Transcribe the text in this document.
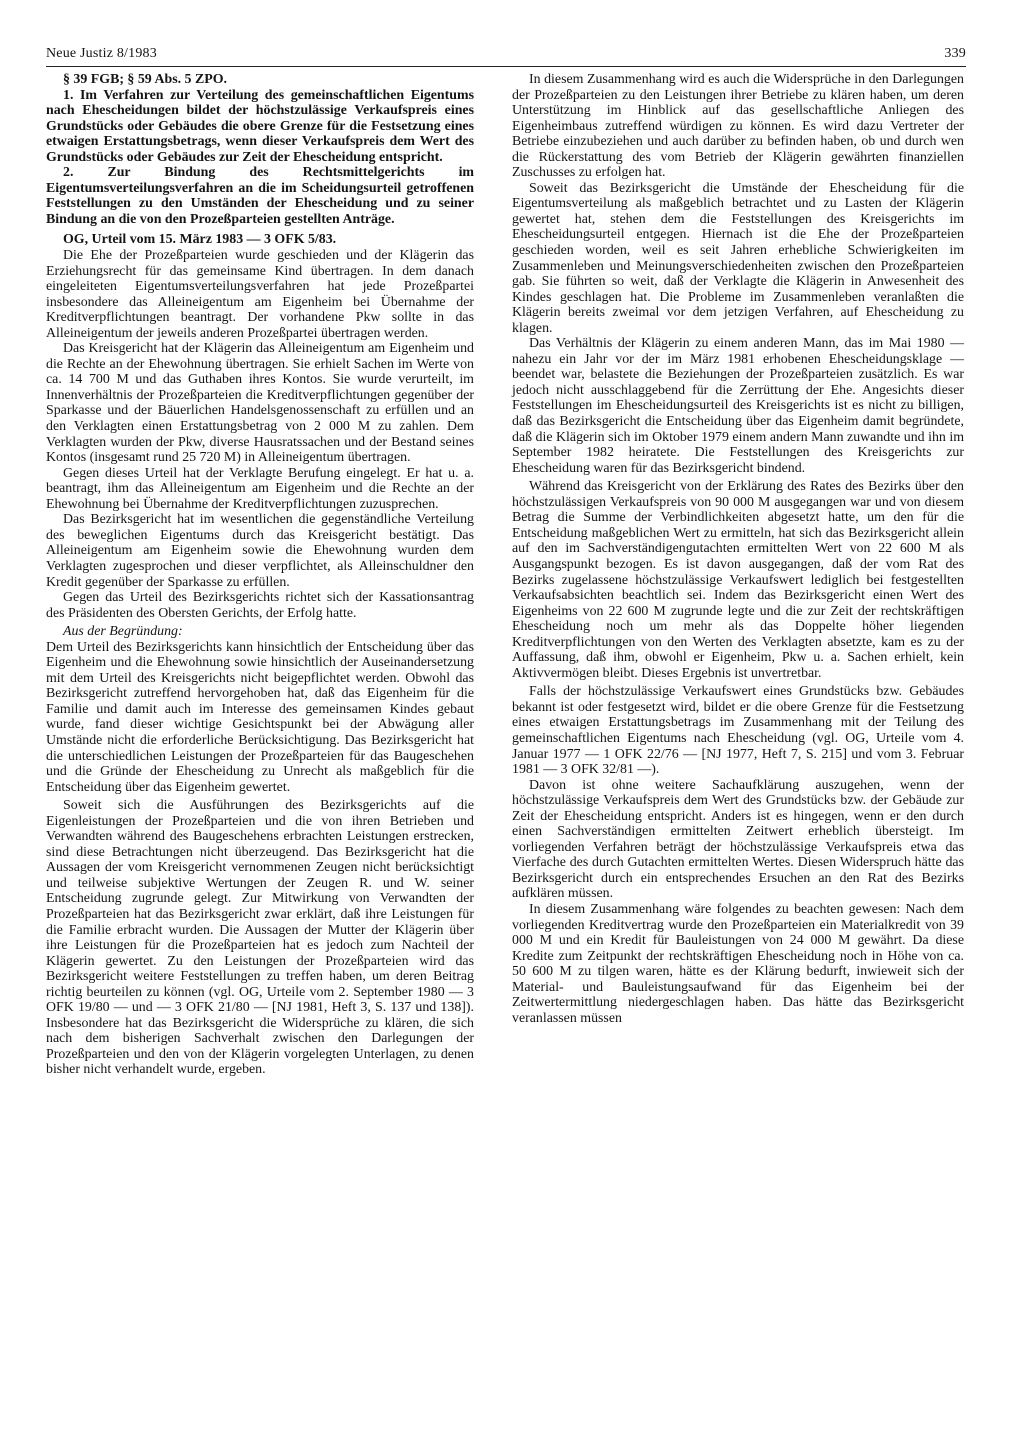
Neue Justiz 8/1983	339

§ 39 FGB; § 59 Abs. 5 ZPO.

1. Im Verfahren zur Verteilung des gemeinschaftlichen Eigentums nach Ehescheidungen bildet der höchstzulässige Verkaufspreis eines Grundstücks oder Gebäudes die obere Grenze für die Festsetzung eines etwaigen Erstattungsbetrags, wenn dieser Verkaufspreis dem Wert des Grundstücks oder Gebäudes zur Zeit der Ehescheidung entspricht.

2. Zur Bindung des Rechtsmittelgerichts im Eigentumsverteilungsverfahren an die im Scheidungsurteil getroffenen Feststellungen zu den Umständen der Ehescheidung und zu seiner Bindung an die von den Prozeßparteien gestellten Anträge.

OG, Urteil vom 15. März 1983 — 3 OFK 5/83.

Die Ehe der Prozeßparteien wurde geschieden und der Klägerin das Erziehungsrecht für das gemeinsame Kind übertragen. In dem danach eingeleiteten Eigentumsverteilungsverfahren hat jede Prozeßpartei insbesondere das Alleineigentum am Eigenheim bei Übernahme der Kreditverpflichtungen beantragt. Der vorhandene Pkw sollte in das Alleineigentum der jeweils anderen Prozeßpartei übertragen werden.

Das Kreisgericht hat der Klägerin das Alleineigentum am Eigenheim und die Rechte an der Ehewohnung übertragen. Sie erhielt Sachen im Werte von ca. 14 700 M und das Guthaben ihres Kontos. Sie wurde verurteilt, im Innenverhältnis der Prozeßparteien die Kreditverpflichtungen gegenüber der Sparkasse und der Bäuerlichen Handelsgenossenschaft zu erfüllen und an den Verklagten einen Erstattungsbetrag von 2 000 M zu zahlen. Dem Verklagten wurden der Pkw, diverse Hausratssachen und der Bestand seines Kontos (insgesamt rund 25 720 M) in Alleineigentum übertragen.

Gegen dieses Urteil hat der Verklagte Berufung eingelegt. Er hat u. a. beantragt, ihm das Alleineigentum am Eigenheim und die Rechte an der Ehewohnung bei Übernahme der Kreditverpflichtungen zuzusprechen.

Das Bezirksgericht hat im wesentlichen die gegenständliche Verteilung des beweglichen Eigentums durch das Kreisgericht bestätigt. Das Alleineigentum am Eigenheim sowie die Ehewohnung wurden dem Verklagten zugesprochen und dieser verpflichtet, als Alleinschuldner den Kredit gegenüber der Sparkasse zu erfüllen.

Gegen das Urteil des Bezirksgerichts richtet sich der Kassationsantrag des Präsidenten des Obersten Gerichts, der Erfolg hatte.

Aus der Begründung:

Dem Urteil des Bezirksgerichts kann hinsichtlich der Entscheidung über das Eigenheim und die Ehewohnung sowie hinsichtlich der Auseinandersetzung mit dem Urteil des Kreisgerichts nicht beigepflichtet werden. Obwohl das Bezirksgericht zutreffend hervorgehoben hat, daß das Eigenheim für die Familie und damit auch im Interesse des gemeinsamen Kindes gebaut wurde, fand dieser wichtige Gesichtspunkt bei der Abwägung aller Umstände nicht die erforderliche Berücksichtigung. Das Bezirksgericht hat die unterschiedlichen Leistungen der Prozeßparteien für das Baugeschehen und die Gründe der Ehescheidung zu Unrecht als maßgeblich für die Entscheidung über das Eigenheim gewertet.

Soweit sich die Ausführungen des Bezirksgerichts auf die Eigenleistungen der Prozeßparteien und die von ihren Betrieben und Verwandten während des Baugeschehens erbrachten Leistungen erstrecken, sind diese Betrachtungen nicht überzeugend. Das Bezirksgericht hat die Aussagen der vom Kreisgericht vernommenen Zeugen nicht berücksichtigt und teilweise subjektive Wertungen der Zeugen R. und W. seiner Entscheidung zugrunde gelegt. Zur Mitwirkung von Verwandten der Prozeßparteien hat das Bezirksgericht zwar erklärt, daß ihre Leistungen für die Familie erbracht wurden. Die Aussagen der Mutter der Klägerin über ihre Leistungen für die Prozeßparteien hat es jedoch zum Nachteil der Klägerin gewertet. Zu den Leistungen der Prozeßparteien wird das Bezirksgericht weitere Feststellungen zu treffen haben, um deren Beitrag richtig beurteilen zu können (vgl. OG, Urteile vom 2. September 1980 — 3 OFK 19/80 — und — 3 OFK 21/80 — [NJ 1981, Heft 3, S. 137 und 138]). Insbesondere hat das Bezirksgericht die Widersprüche zu klären, die sich nach dem bisherigen Sachverhalt zwischen den Darlegungen der Prozeßparteien und den von der Klägerin vorgelegten Unterlagen, zu denen bisher nicht verhandelt wurde, ergeben.

In diesem Zusammenhang wird es auch die Widersprüche in den Darlegungen der Prozeßparteien zu den Leistungen ihrer Betriebe zu klären haben, um deren Unterstützung im Hinblick auf das gesellschaftliche Anliegen des Eigenheimbaus zutreffend würdigen zu können. Es wird dazu Vertreter der Betriebe einzubeziehen und auch darüber zu befinden haben, ob und durch wen die Rückerstattung des vom Betrieb der Klägerin gewährten finanziellen Zuschusses zu erfolgen hat.

Soweit das Bezirksgericht die Umstände der Ehescheidung für die Eigentumsverteilung als maßgeblich betrachtet und zu Lasten der Klägerin gewertet hat, stehen dem die Feststellungen des Kreisgerichts im Ehescheidungsurteil entgegen. Hiernach ist die Ehe der Prozeßparteien geschieden worden, weil es seit Jahren erhebliche Schwierigkeiten im Zusammenleben und Meinungsverschiedenheiten zwischen den Prozeßparteien gab. Sie führten so weit, daß der Verklagte die Klägerin in Anwesenheit des Kindes geschlagen hat. Die Probleme im Zusammenleben veranlaßten die Klägerin bereits zweimal vor dem jetzigen Verfahren, auf Ehescheidung zu klagen.

Das Verhältnis der Klägerin zu einem anderen Mann, das im Mai 1980 — nahezu ein Jahr vor der im März 1981 erhobenen Ehescheidungsklage — beendet war, belastete die Beziehungen der Prozeßparteien zusätzlich. Es war jedoch nicht ausschlaggebend für die Zerrüttung der Ehe. Angesichts dieser Feststellungen im Ehescheidungsurteil des Kreisgerichts ist es nicht zu billigen, daß das Bezirksgericht die Entscheidung über das Eigenheim damit begründete, daß die Klägerin sich im Oktober 1979 einem andern Mann zuwandte und ihn im September 1982 heiratete. Die Feststellungen des Kreisgerichts zur Ehescheidung waren für das Bezirksgericht bindend.

Während das Kreisgericht von der Erklärung des Rates des Bezirks über den höchstzulässigen Verkaufspreis von 90 000 M ausgegangen war und von diesem Betrag die Summe der Verbindlichkeiten abgesetzt hatte, um den für die Entscheidung maßgeblichen Wert zu ermitteln, hat sich das Bezirksgericht allein auf den im Sachverständigengutachten ermittelten Wert von 22 600 M als Ausgangspunkt bezogen. Es ist davon ausgegangen, daß der vom Rat des Bezirks zugelassene höchstzulässige Verkaufswert lediglich bei festgestellten Verkaufsabsichten beachtlich sei. Indem das Bezirksgericht einen Wert des Eigenheims von 22 600 M zugrunde legte und die zur Zeit der rechtskräftigen Ehescheidung noch um mehr als das Doppelte höher liegenden Kreditverpflichtungen von den Werten des Verklagten absetzte, kam es zu der Auffassung, daß ihm, obwohl er Eigenheim, Pkw u. a. Sachen erhielt, kein Aktivvermögen bleibt. Dieses Ergebnis ist unvertretbar.

Falls der höchstzulässige Verkaufswert eines Grundstücks bzw. Gebäudes bekannt ist oder festgesetzt wird, bildet er die obere Grenze für die Festsetzung eines etwaigen Erstattungsbetrags im Zusammenhang mit der Teilung des gemeinschaftlichen Eigentums nach Ehescheidung (vgl. OG, Urteile vom 4. Januar 1977 — 1 OFK 22/76 — [NJ 1977, Heft 7, S. 215] und vom 3. Februar 1981 — 3 OFK 32/81 —).

Davon ist ohne weitere Sachaufklärung auszugehen, wenn der höchstzulässige Verkaufspreis dem Wert des Grundstücks bzw. der Gebäude zur Zeit der Ehescheidung entspricht. Anders ist es hingegen, wenn er den durch einen Sachverständigen ermittelten Zeitwert erheblich übersteigt. Im vorliegenden Verfahren beträgt der höchstzulässige Verkaufspreis etwa das Vierfache des durch Gutachten ermittelten Wertes. Diesen Widerspruch hätte das Bezirksgericht durch ein entsprechendes Ersuchen an den Rat des Bezirks aufklären müssen.

In diesem Zusammenhang wäre folgendes zu beachten gewesen: Nach dem vorliegenden Kreditvertrag wurde den Prozeßparteien ein Materialkredit von 39 000 M und ein Kredit für Bauleistungen von 24 000 M gewährt. Da diese Kredite zum Zeitpunkt der rechtskräftigen Ehescheidung noch in Höhe von ca. 50 600 M zu tilgen waren, hätte es der Klärung bedurft, inwieweit sich der Material- und Bauleistungsaufwand für das Eigenheim bei der Zeitwertermittlung niedergeschlagen haben. Das hätte das Bezirksgericht veranlassen müssen
